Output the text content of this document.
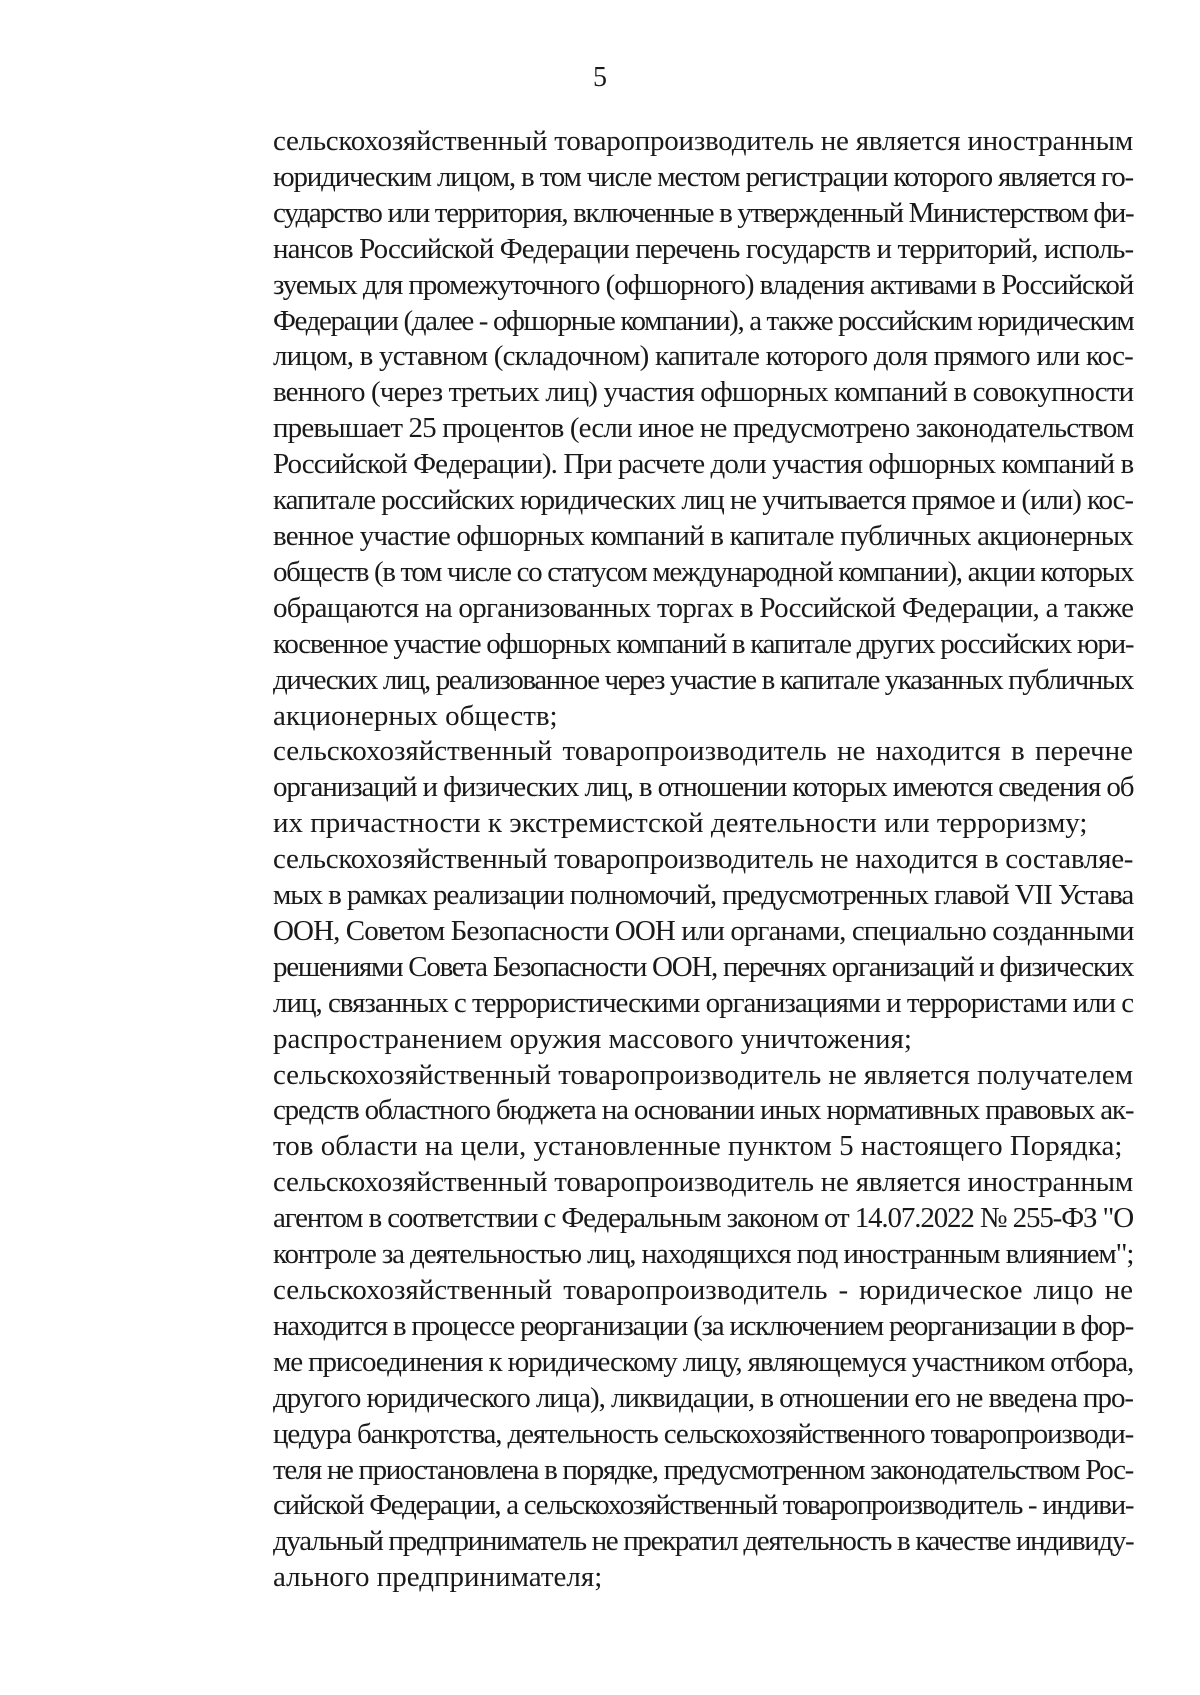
5

сельскохозяйственный товаропроизводитель не является иностранным
юридическим лицом, в том числе местом регистрации которого является го-
сударство или территория, включенные в утвержденный Министерством фи-
нансов Российской Федерации перечень государств и территорий, исполь-
зуемых для промежуточного (офшорного) владения активами в Российской
Федерации (далее - офшорные компании), а также российским юридическим
лицом, в уставном (складочном) капитале которого доля прямого или кос-
венного (через третьих лиц) участия офшорных компаний в совокупности
превышает 25 процентов (если иное не предусмотрено законодательством
Российской Федерации). При расчете доли участия офшорных компаний в
капитале российских юридических лиц не учитывается прямое и (или) кос-
венное участие офшорных компаний в капитале публичных акционерных
обществ (в том числе со статусом международной компании), акции которых
обращаются на организованных торгах в Российской Федерации, а также
косвенное участие офшорных компаний в капитале других российских юри-
дических лиц, реализованное через участие в капитале указанных публичных
акционерных обществ;

сельскохозяйственный товаропроизводитель не находится в перечне
организаций и физических лиц, в отношении которых имеются сведения об
их причастности к экстремистской деятельности или терроризму;

сельскохозяйственный товаропроизводитель не находится в составляе-
мых в рамках реализации полномочий, предусмотренных главой VII Устава
ООН, Советом Безопасности ООН или органами, специально созданными
решениями Совета Безопасности ООН, перечнях организаций и физических
лиц, связанных с террористическими организациями и террористами или с
распространением оружия массового уничтожения;

сельскохозяйственный товаропроизводитель не является получателем
средств областного бюджета на основании иных нормативных правовых ак-
тов области на цели, установленные пунктом 5 настоящего Порядка;

сельскохозяйственный товаропроизводитель не является иностранным
агентом в соответствии с Федеральным законом от 14.07.2022 № 255-ФЗ "О
контроле за деятельностью лиц, находящихся под иностранным влиянием";

сельскохозяйственный товаропроизводитель - юридическое лицо не
находится в процессе реорганизации (за исключением реорганизации в фор-
ме присоединения к юридическому лицу, являющемуся участником отбора,
другого юридического лица), ликвидации, в отношении его не введена про-
цедура банкротства, деятельность сельскохозяйственного товаропроизводи-
теля не приостановлена в порядке, предусмотренном законодательством Рос-
сийской Федерации, а сельскохозяйственный товаропроизводитель - индиви-
дуальный предприниматель не прекратил деятельность в качестве индивиду-
ального предпринимателя;
